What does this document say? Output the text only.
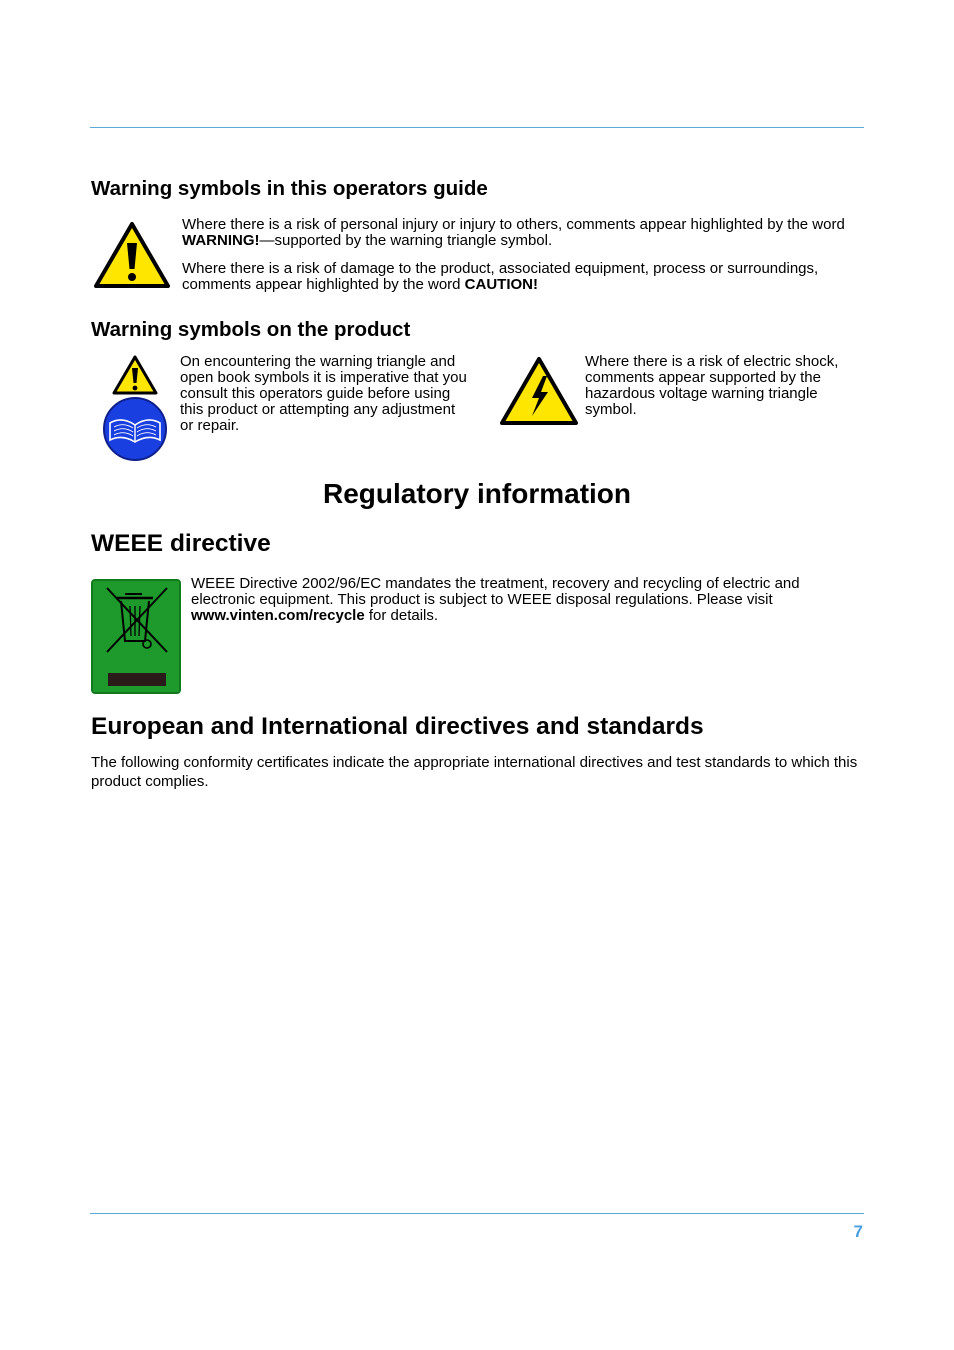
Warning symbols in this operators guide

Where there is a risk of personal injury or injury to others, comments appear highlighted by the word WARNING!—supported by the warning triangle symbol.

Where there is a risk of damage to the product, associated equipment, process or surroundings, comments appear highlighted by the word CAUTION!

Warning symbols on the product

On encountering the warning triangle and open book symbols it is imperative that you consult this operators guide before using this product or attempting any adjustment or repair.

Where there is a risk of electric shock, comments appear supported by the hazardous voltage warning triangle symbol.

Regulatory information
WEEE directive

WEEE Directive 2002/96/EC mandates the treatment, recovery and recycling of electric and electronic equipment. This product is subject to WEEE disposal regulations. Please visit www.vinten.com/recycle for details.

European and International directives and standards

The following conformity certificates indicate the appropriate international directives and test standards to which this product complies.

7
